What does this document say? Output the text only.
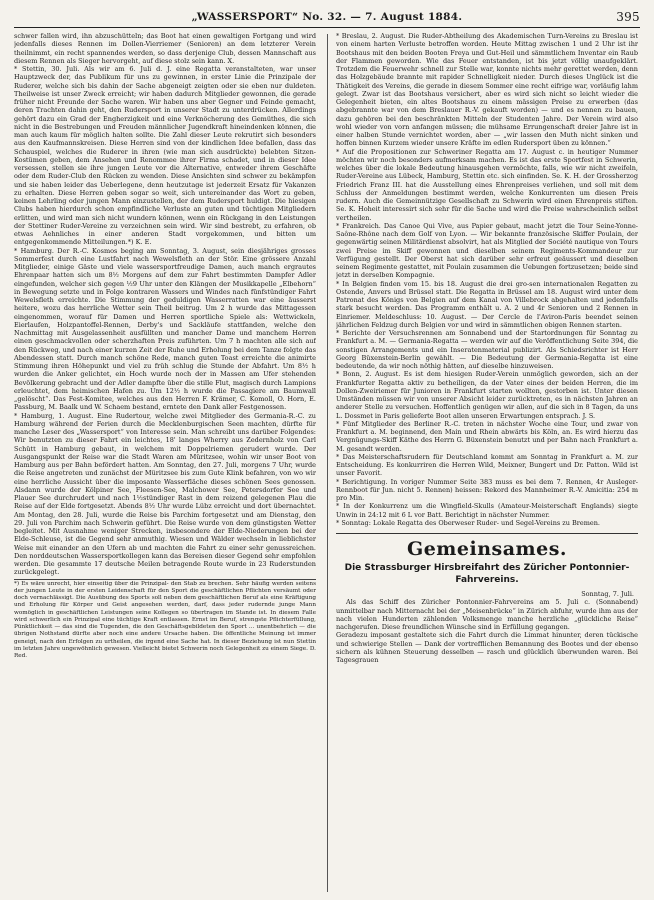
„WASSERSPORT“ No. 32. — 7. August 1884.	395

schwer fallen wird, ihn abzuschütteln; das Boot hat einen gewaltigen Fortgang und wird jedenfalls dieses Rennen im Dollen-Vierriemer (Senioren) an dem letzterer Verein theilnimmt, ein recht spannendes werden, so dass derjenige Club, dessen Mannschaft aus diesem Rennen als Sieger hervorgeht, auf diese stolz sein kann. X.
* Stettin, 30. Juli. Als wir am 6. Juli d. J. eine Regatta veranstalteten, war unser Hauptzweck der, das Publikum für uns zu gewinnen, in erster Linie die Prinzipale der Ruderer, welche sich bis dahin der Sache abgeneigt zeigten oder sie eben nur duldeten. Theilweise ist unser Zweck erreicht; wir haben dadurch Mitglieder gewonnen, die gerade früher nicht Freunde der Sache waren. Wir haben uns aber Gegner und Feinde gemacht, deren Trachten dahin geht, den Rudersport in unserer Stadt zu unterdrücken. Allerdings gehört dazu ein Grad der Engherzigkeit und eine Verknöcherung des Gemüthes, die sich nicht in die Bestrebungen und Freuden männlicher Jugendkraft hineindenken können, die man auch kaum für möglich halten sollte. Die Zahl dieser Leute rekrutirt sich besonders aus den Kaufmannskreisen. Diese Herren sind von der kindlichen Idee befallen, dass das Schauspiel, welches die Ruderer in ihren (wie man sich ausdrückte) belebten Sitzen-Kostümen geben, dem Ansehen und Renommee ihrer Firma schadet, und in dieser Idee versessen, stellen sie ihre jungen Leute vor die Alternative, entweder ihrem Geschäfte oder dem Ruder-Club den Rücken zu wenden. Diese Ansichten sind schwer zu bekämpfen und sie haben leider das Ueberlegene, denn heutzutage ist jederzeit Ersatz für Vakanzen zu erhalten. Diese Herren geben sogar so weit, sich untereinander das Wort zu geben, keinen Lehrling oder jungen Mann einzustellen, der dem Rudersport huldigt. Die hiesigen Clubs haben hierdurch schon empfindliche Verluste an guten und tüchtigen Mitgliedern erlitten, und wird man sich nicht wundern können, wenn ein Rückgang in den Leistungen der Stettiner Ruder-Vereine zu verzeichnen sein wird. Wir sind bestrebt, zu erfahren, ob etwas Aehnliches in einer anderen Stadt vorgekommen, und bitten um entgegenkommende Mitteilungen.*) K. E.
* Hamburg. Der R.-C. Kosmos beging am Sonntag, 3. August, sein diesjähriges grosses Sommerfest durch eine Lustfahrt nach Wewelsfleth an der Stör. Eine grössere Anzahl Mitglieder, einige Gäste und viele wassersportfreudige Damen, auch manch ergrautes Ehrenpaar hatten sich um 8½ Morgens auf dem zur Fahrt bestimmten Dampfer Adler eingefunden, welcher sich gegen ½9 Uhr unter den Klängen der Musikkapelle „Elbehorn“ in Bewegung setzte und in Folge kontraren Wassers und Windes nach fünfstündiger Fahrt Wewelsfleth erreichte. Die Stimmung der geduldigen Wasserratten war eine äusserst heitere, wozu das herrliche Wetter sein Theil beitrug. Um 2 h wurde das Mittagessen eingenommen, worauf für Damen und Herren sportliche Spiele als: Wettwickeln, Eierlaufen, Holzpantoffel-Rennen, Derby's und Sackläufe stattfanden, welche den Nachmittag mit Ausgelassenheit ausfüllten und mancher Dame und manchem Herren einen geschmackvollen oder scherzhaften Preis zuführten. Um 7 h machten alle sich auf den Rückweg, und nach einer kurzen Zeit der Ruhe und Erholung bei dem Tanze folgte das Abendessen statt. Durch manch schöne Rede, manch guten Toast erreichte die animirte Stimmung ihren Höhepunkt und viel zu früh schlug die Stunde der Abfahrt. Um 8½ h wurden die Anker gelichtet, ein Hoch wurde noch der in Massen am Ufer stehenden Bevölkerung gebracht und der Adler dampfte über die stille Flut, magisch durch Lampions erleuchtet, dem heimischen Hafen zu. Um 12½ h wurde die Passagiere am Baumwall „gelöscht“. Das Fest-Komitee, welches aus den Herren F. Krämer, C. Komoll, O. Horn, E. Passburg, M. Baalk und W. Schaem bestand, erntete den Dank aller Festgenossen.
* Hamburg, 1. August. Eine Rudertour, welche zwei Mitglieder des Germania-R.-C. zu Hamburg während der Ferien durch die Mecklenburgischen Seen machten, dürfte für manche Leser des „Wassersport“ von Interesse sein. Man schreibt uns darüber Folgendes: Wir benutzten zu dieser Fahrt ein leichtes, 18' langes Wherry aus Zedernholz von Carl Schütt in Hamburg gebaut, in welchem mit Doppelriemen gerudert wurde. Der Ausgangspunkt der Reise war die Stadt Waren am Müritzsee, wohin wir unser Boot von Hamburg aus per Bahn befördert hatten. Am Sonntag, den 27. Juli, morgens 7 Uhr, wurde die Reise angetreten und zunächst der Müritzsee bis zum Gute Klink befahren, von wo wir eine herrliche Aussicht über die imposante Wasserfläche dieses schönen Sees genossen. Alsdann wurde der Kölpiner See, Fleesen-See, Malchower See, Petersdorfer See und Plauer See durchrudert und nach 1½stündiger Rast in dem reizend gelegenen Plau die Reise auf der Elde fortgesetzt. Abends 8½ Uhr wurde Lübz erreicht und dort übernachtet. Am Montag, den 28. Juli, wurde die Reise bis Parchim fortgesetzt und am Dienstag, den 29. Juli von Parchim nach Schwerin geführt. Die Reise wurde von dem günstigsten Wetter begleitet. Mit Ausnahme weniger Strecken, insbesondere der Elde-Niederungen bei der Elde-Schleuse, ist die Gegend sehr anmuthig. Wiesen und Wälder wechseln in lieblichster Weise mit einander an den Ufern ab und machten die Fahrt zu einer sehr genussreichen. Den norddeutschen Wassersportkollegen kann das Bereisen dieser Gegend sehr empfohlen werden. Die gesammte 17 deutsche Meilen betragende Route wurde in 23 Ruderstunden zurückgelegt.

*) Es wäre unrecht, hier einseitig über die Prinzipal- den Stab zu brechen. Sehr häufig werden seitens der jungen Leute in der ersten Leidenschaft für den Sport die geschäftlichen Pflichten versäumt oder doch vernachlässigt. Die Ausübung des Sports soll neben dem geschäftlichen Beruf als eine Kräftigung und Erholung für Körper und Geist angesehen werden, darf, dass jeder rudernde junge Mann womöglich in geschäftlichen Leistungen seine Kollegen so übertragen im Stande ist. In diesem Falle wird schwerlich ein Prinzipal eine tüchtige Kraft entlassen. Ernst im Beruf, strengste Pflichterfüllung, Pünktlichkeit — das sind die Tugenden, die den Geschäftsgebildeten den Sport ... unentbehrlich — die übrigen Nothstand dürfte aber noch eine andere Ursache haben. Die öffentliche Meinung ist immer geneigt, nach den Erfolgen zu urtheilen, die irgend eine Sache hat. In dieser Beziehung ist nun Stettin im letzten Jahre ungewöhnlich gewesen. Vielleicht bietet Schwerin noch Gelegenheit zu einem Siege. D. Red.

* Breslau, 2. August. Die Ruder-Abtheilung des Akademischen Turn-Vereins zu Breslau ist von einem harten Verluste betroffen worden. Heute Mittag zwischen 1 und 2 Uhr ist ihr Bootshaus mit den beiden Booten Freya und Gut-Heil und sämmtlichem Inventar ein Raub der Flammen geworden. Wie das Feuer entstanden, ist bis jetzt völlig unaufgeklärt. Trotzdem die Feuerwehr schnell zur Stelle war, konnte nichts mehr gerettet werden, denn das Holzgebäude brannte mit rapider Schnelligkeit nieder. Durch dieses Unglück ist die Thätigkeit des Vereins, die gerade in diesem Sommer eine recht eifrige war, vorläufig lahm gelegt. Zwar ist das Bootshaus versichert, aber es wird sich nicht so leicht wieder die Gelegenheit bieten, ein altes Bootshaus zu einem mässigen Preise zu erwerben (das abgebrannte war von dem Breslauer R.-V. gekauft worden) — und es nennen zu bauen, dazu gehören bei den beschränkten Mitteln der Studenten Jahre. Der Verein wird also wohl wieder von vorn anfangen müssen; die mühsame Errungenschaft dreier Jahre ist in einer halben Stunde vernichtet worden, aber — „wir lassen den Muth nicht sinken und hoffen binnen Kurzem wieder unsere Kräfte im edlen Rudersport üben zu können.“
* Auf die Propositionen zur Schweriner Regatta am 17. August c. in heutiger Nummer möchten wir noch besonders aufmerksam machen. Es ist das erste Sportfest in Schwerin, welches über die lokale Bedeutung hinausgehen vermöchte, falls, wie wir nicht zweifeln, Ruder-Vereine aus Lübeck, Hamburg, Stettin etc. sich einfinden. Se. K. H. der Grossherzog Friedrich Franz III. hat die Ausstellung eines Ehrenpreises verliehen, und soll mit dem Schluss der Anmeldungen bestimmt werden, welche Konkurrenten um diesen Preis rudern. Auch die Gemeinnützige Gesellschaft zu Schwerin wird einen Ehrenpreis stiften. Se. K. Hoheit interessirt sich sehr für die Sache und wird die Preise wahrscheinlich selbst vertheilen.
* Frankreich. Das Canoe Qui Vive, aus Papier gebaut, macht jetzt die Tour Seine-Yonne-Saône-Rhône nach dem Golf von Lyon. — Wir bekannte französische Skiffer Poulain, der gegenwärtig seinen Militärdienst absolvirt, hat als Mitglied der Société nautique von Tours zwei Preise im Skiff gewonnen und dieselben seinem Regiments-Kommandeur zur Verfügung gestellt. Der Oberst hat sich darüber sehr erfreut geäussert und dieselben seinem Regimente gestattet, mit Poulain zusammen die Uebungen fortzusetzen; beide sind jetzt in derselben Kompagnie.
* In Belgien finden vom 15. bis 18. August die drei gro-sen internationalen Regatten zu Ostende, Anvers und Brüssel statt. Die Regatta in Brüssel am 18. August wird unter dem Patronat des Königs von Belgien auf dem Kanal von Villebrock abgehalten und jedenfalls stark besucht werden. Das Programm enthält u. A. 2 und 4r Senioren und 2 Rennen in Einriemer. Meldeschluss: 10. August. — Der Cercle de l'Aviron-Paris beendet seinen jährlichen Feldzug durch Belgien vor und wird in sämmtlichen obigen Rennen starten.
* Berichte der Versuchsrennen am Sonnabend und der Startordnungen für Sonntag zu Frankfurt a. M. — Germania-Regatta — werden wir auf die Veröffentlichung Seite 394, die sonstigen Arrangements und ein Inseratenmaterial publizirt. Als Schiedsrichter ist Herr Georg Büxenstein-Berlin gewählt. — Die Bedeutung der Germania-Regatta ist eine bedeutende, da wir noch nöthig hätten, auf dieselbe hinzuweisen.
* Bonn, 2. August. Es ist dem hiesigen Ruder-Verein unmöglich geworden, sich an der Frankfurter Regatta aktiv zu betheiligen, da der Vater eines der beiden Herren, die im Dollen-Zweiriemer für Junioren in Frankfurt starten wollten, gestorben ist. Unter diesen Umständen müssen wir von unserer Absicht leider zurücktreten, es in nächsten Jahren an anderer Stelle zu versuchen. Hoffentlich genügen wir allen, auf die sich in 8 Tagen, da uns L. Dossmet in Paris gelieferte Boot allen unseren Erwartungen entsprach. J. S.
* Fünf Mitglieder des Berliner R.-C. treten in nächster Woche eine Tour, und zwar von Frankfurt a. M. beginnend, den Main und Rhein abwärts bis Köln, an. Es wird hierzu das Vergnügungs-Skiff Käthe des Herrn G. Büxenstein benutzt und per Bahn nach Frankfurt a. M. gesandt werden.
* Das Meisterschaftsrudern für Deutschland kommt am Sonntag in Frankfurt a. M. zur Entscheidung. Es konkurriren die Herren Wild, Meixner, Bungert und Dr. Patton. Wild ist unser Favorit.
* Berichtigung. In voriger Nummer Seite 383 muss es bei dem 7. Rennen, 4r Ausleger-Rennboot für Jun. nicht 5. Rennen) heissen: Rekord des Mannheimer R.-V. Amicitia: 254 m pro Min.
* In der Konkurrenz um die Wingfield-Skulls (Amateur-Meisterschaft Englands) siegte Unwin in 24:12 mit 6 L vor Batt. Berichtigt in nächster Nummer.
* Sonntag: Lokale Regatta des Oberweser Ruder- und Segel-Vereins zu Bremen.

Gemeinsames.
Die Strassburger Hirsbreifahrt des Züricher Pontonnier-Fahrvereins.
Sonntag, 7. Juli.

Als das Schiff des Züricher Pontonnier-Fahrvereins am 5. Juli c. (Sonnabend) unmittelbar nach Mitternacht bei der „Meisenbrücke“ in Zürich abfuhr, wurde ihm aus der nach vielen Hunderten zählenden Volksmenge manche herzliche „glückliche Reise“ nachgerufen. Diese freundlichen Wünsche sind in Erfüllung gegangen.
Geradezu imposant gestaltete sich die Fahrt durch die Limmat hinunter, deren tückische und schwierige Stellen — Dank der vortrefflichen Bemannung des Bootes und der ebenso sichern als kühnen Steuerung desselben — rasch und glücklich überwunden waren. Bei Tagesgrauen
